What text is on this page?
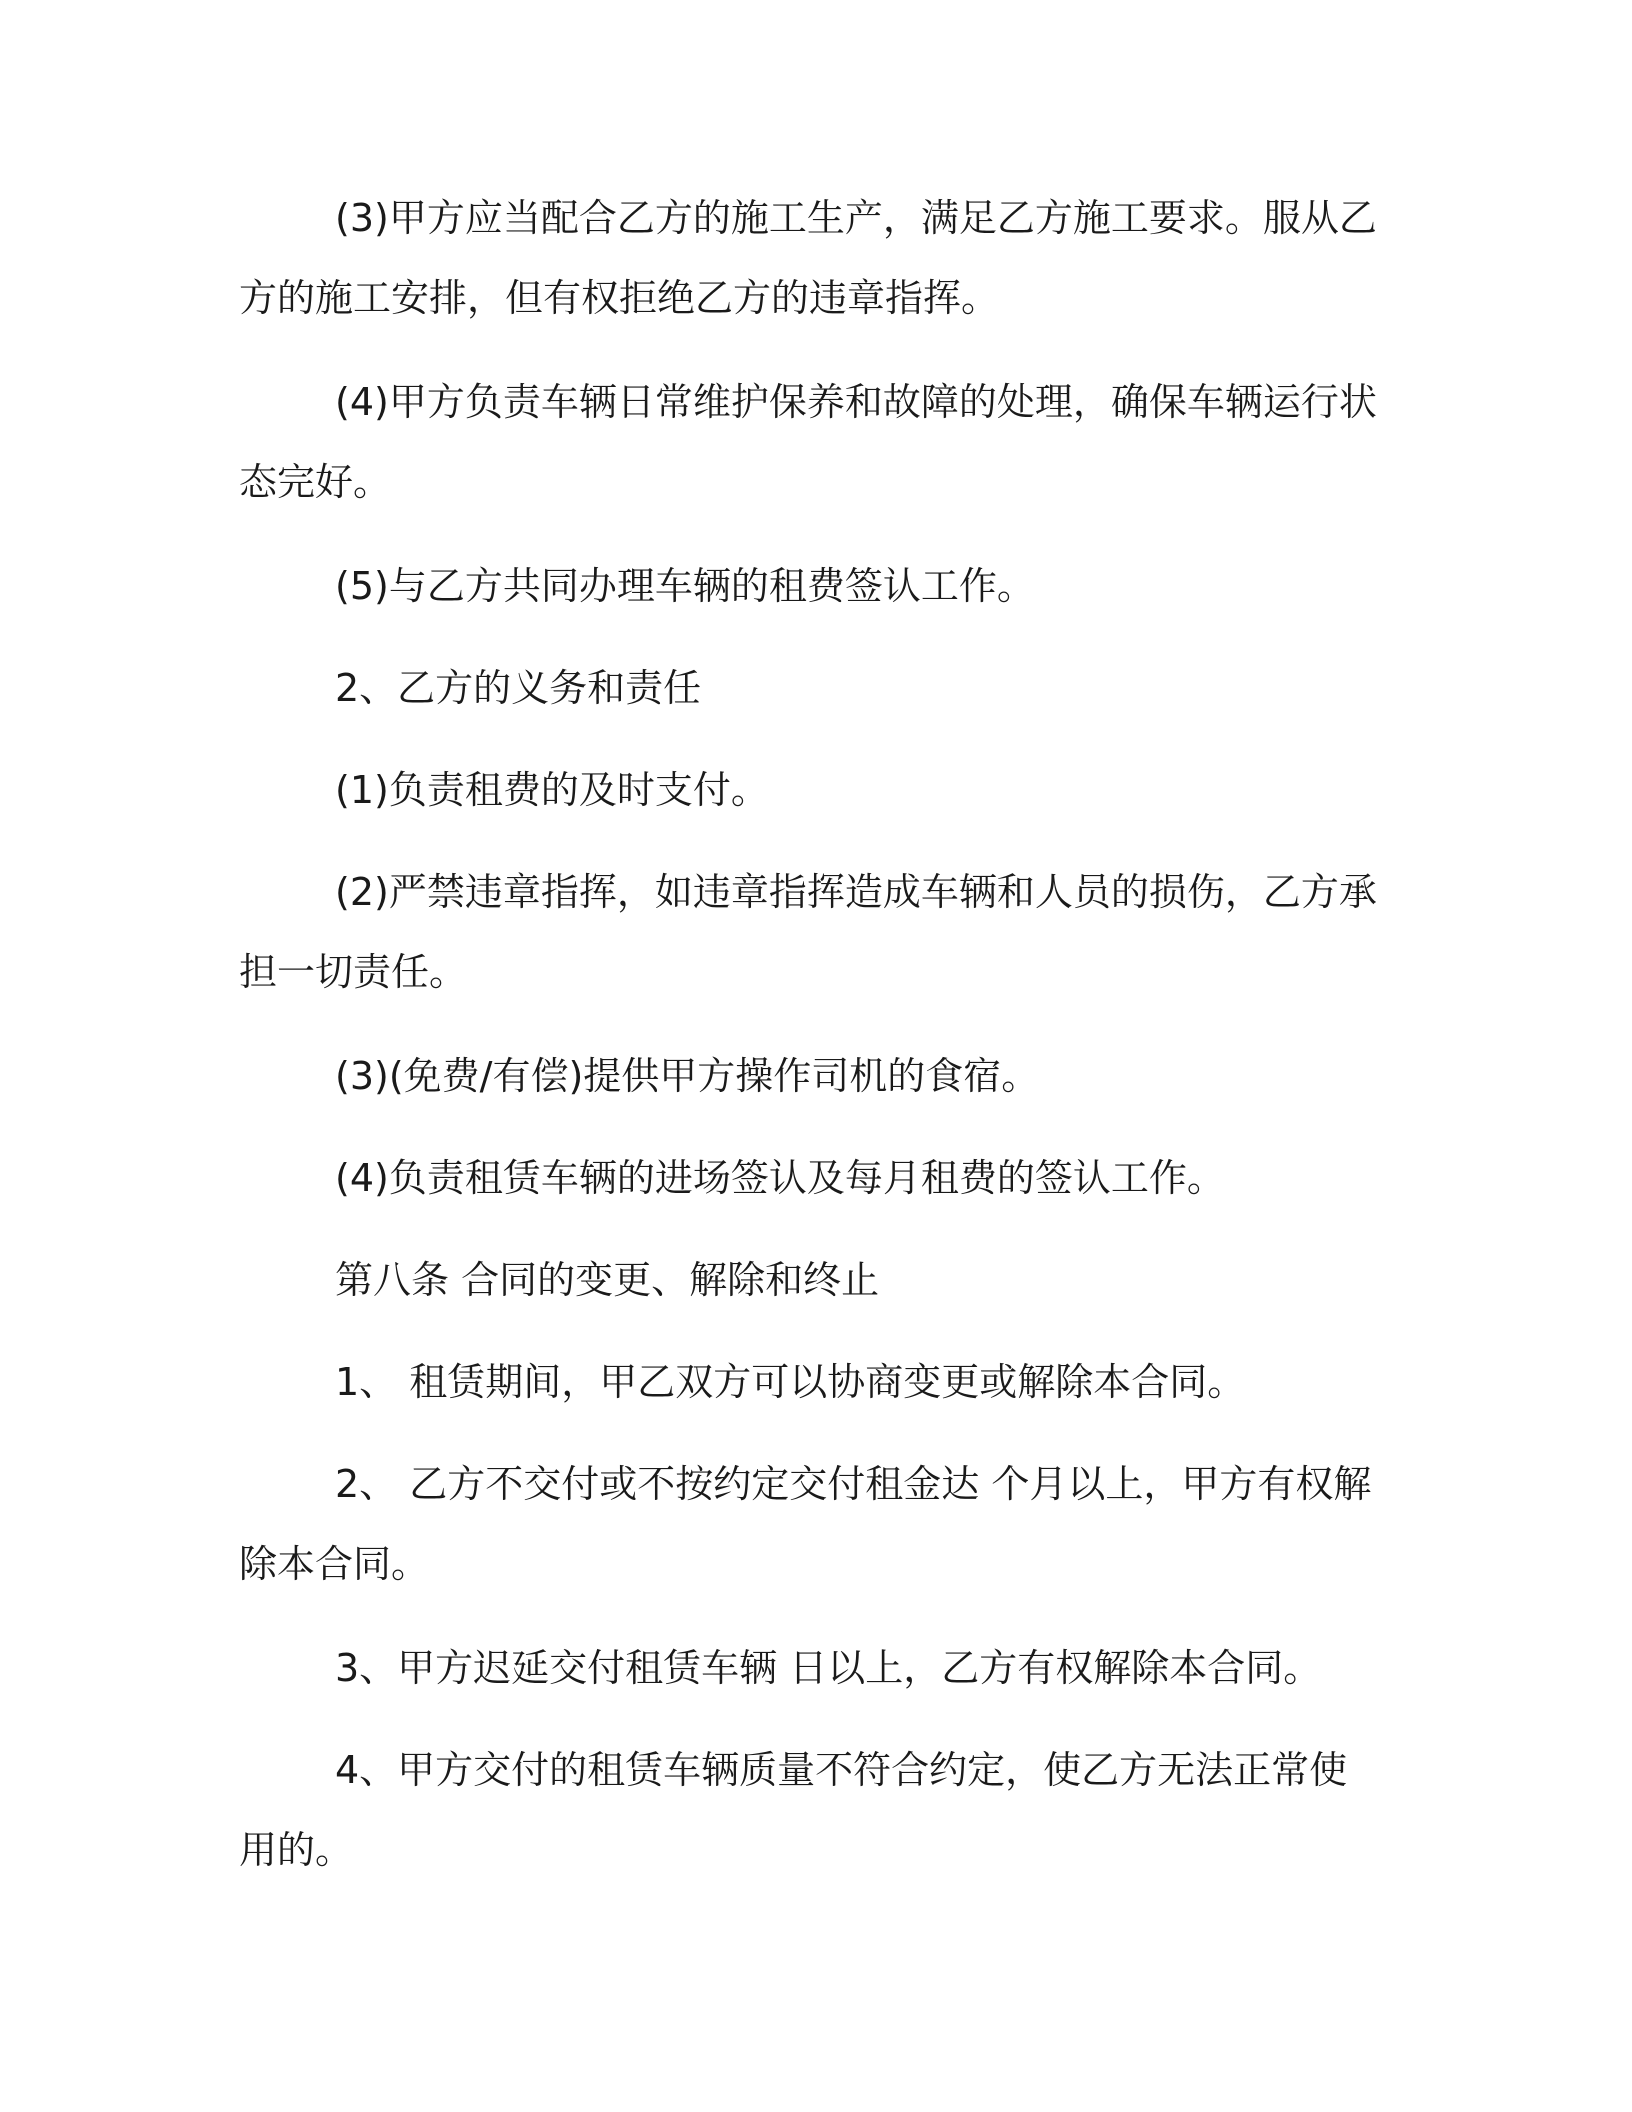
(3)甲方应当配合乙方的施工生产，满足乙方施工要求。服从乙方的施工安排，但有权拒绝乙方的违章指挥。

(4)甲方负责车辆日常维护保养和故障的处理，确保车辆运行状态完好。

(5)与乙方共同办理车辆的租费签认工作。

2、乙方的义务和责任

(1)负责租费的及时支付。

(2)严禁违章指挥，如违章指挥造成车辆和人员的损伤，乙方承担一切责任。

(3)(免费/有偿)提供甲方操作司机的食宿。

(4)负责租赁车辆的进场签认及每月租费的签认工作。

第八条 合同的变更、解除和终止

1、 租赁期间，甲乙双方可以协商变更或解除本合同。

2、 乙方不交付或不按约定交付租金达 个月以上，甲方有权解除本合同。

3、甲方迟延交付租赁车辆 日以上，乙方有权解除本合同。

4、甲方交付的租赁车辆质量不符合约定，使乙方无法正常使用的。
